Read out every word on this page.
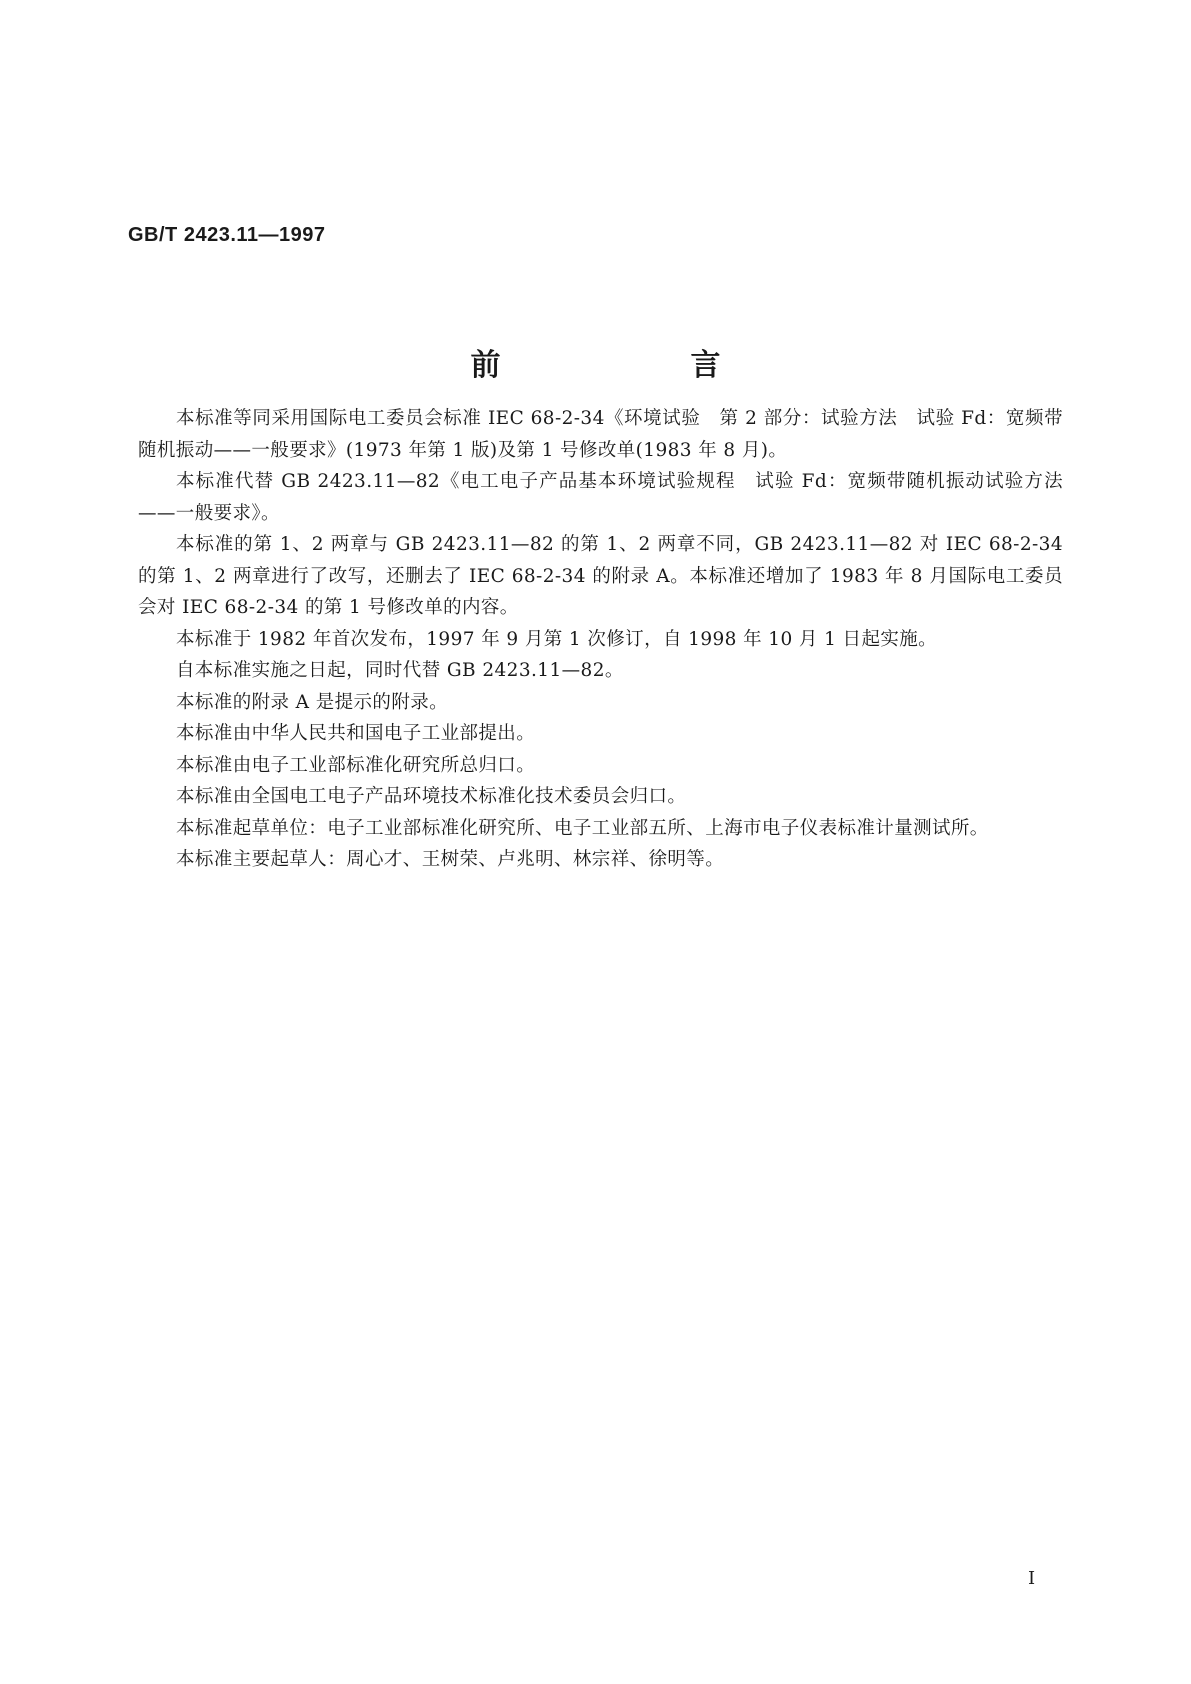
GB/T 2423.11—1997
前　言

本标准等同采用国际电工委员会标准 IEC 68-2-34《环境试验　第 2 部分：试验方法　试验 Fd：宽频带随机振动——一般要求》(1973 年第 1 版)及第 1 号修改单(1983 年 8 月)。

本标准代替 GB 2423.11—82《电工电子产品基本环境试验规程　试验 Fd：宽频带随机振动试验方法——一般要求》。

本标准的第 1、2 两章与 GB 2423.11—82 的第 1、2 两章不同，GB 2423.11—82 对 IEC 68-2-34 的第 1、2 两章进行了改写，还删去了 IEC 68-2-34 的附录 A。本标准还增加了 1983 年 8 月国际电工委员会对 IEC 68-2-34 的第 1 号修改单的内容。

本标准于 1982 年首次发布，1997 年 9 月第 1 次修订，自 1998 年 10 月 1 日起实施。

自本标准实施之日起，同时代替 GB 2423.11—82。

本标准的附录 A 是提示的附录。

本标准由中华人民共和国电子工业部提出。

本标准由电子工业部标准化研究所总归口。

本标准由全国电工电子产品环境技术标准化技术委员会归口。

本标准起草单位：电子工业部标准化研究所、电子工业部五所、上海市电子仪表标准计量测试所。

本标准主要起草人：周心才、王树荣、卢兆明、林宗祥、徐明等。

I
